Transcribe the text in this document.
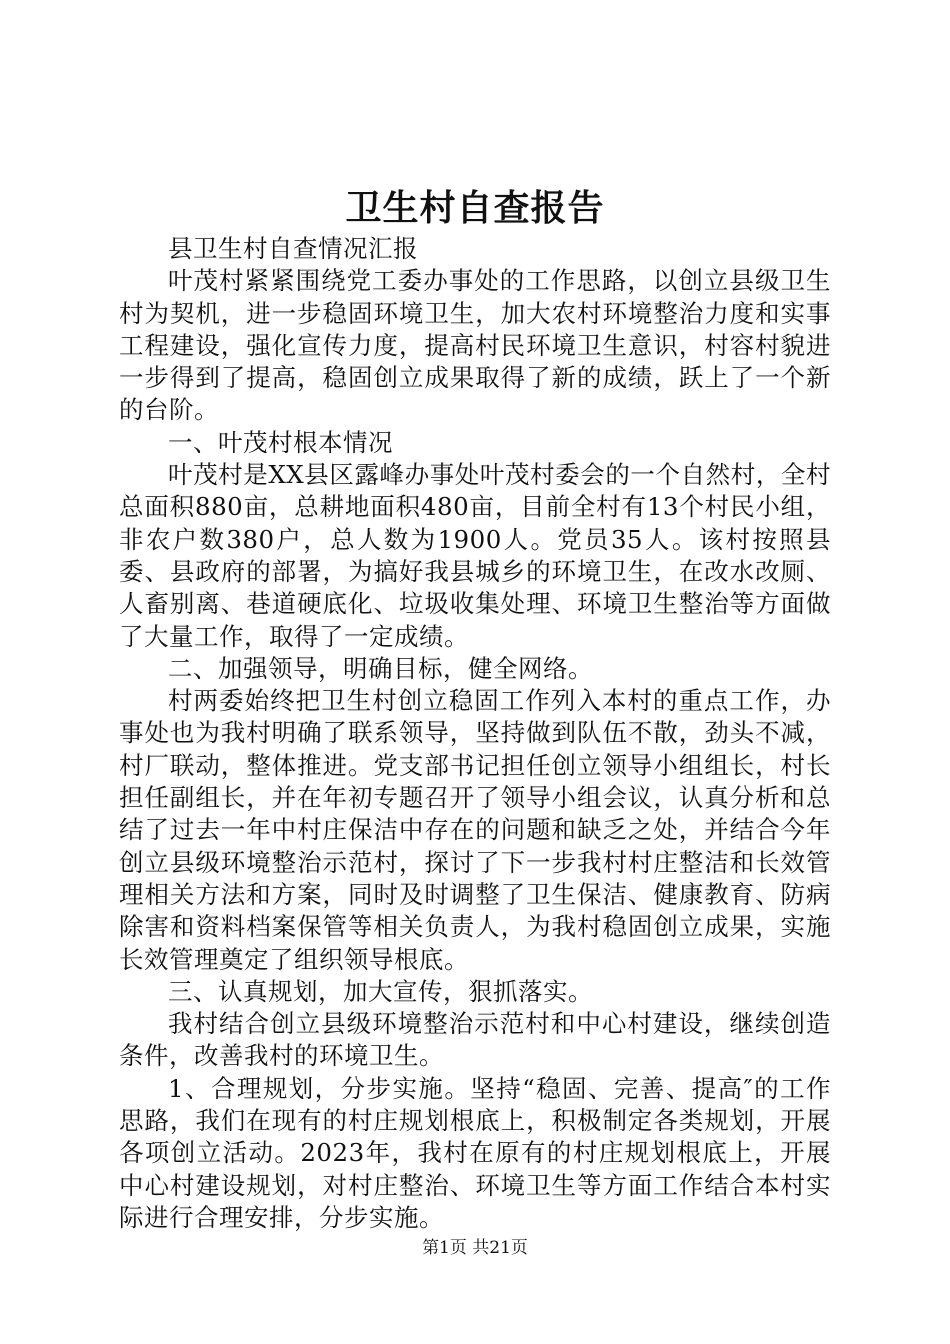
卫生村自查报告

县卫生村自查情况汇报

叶茂村紧紧围绕党工委办事处的工作思路，以创立县级卫生村为契机，进一步稳固环境卫生，加大农村环境整治力度和实事工程建设，强化宣传力度，提高村民环境卫生意识，村容村貌进一步得到了提高，稳固创立成果取得了新的成绩，跃上了一个新的台阶。

一、叶茂村根本情况

叶茂村是XX县区露峰办事处叶茂村委会的一个自然村，全村总面积880亩，总耕地面积480亩，目前全村有13个村民小组，非农户数380户，总人数为1900人。党员35人。该村按照县委、县政府的部署，为搞好我县城乡的环境卫生，在改水改厕、人畜别离、巷道硬底化、垃圾收集处理、环境卫生整治等方面做了大量工作，取得了一定成绩。

二、加强领导，明确目标，健全网络。

村两委始终把卫生村创立稳固工作列入本村的重点工作，办事处也为我村明确了联系领导，坚持做到队伍不散，劲头不减，村厂联动，整体推进。党支部书记担任创立领导小组组长，村长担任副组长，并在年初专题召开了领导小组会议，认真分析和总结了过去一年中村庄保洁中存在的问题和缺乏之处，并结合今年创立县级环境整治示范村，探讨了下一步我村村庄整洁和长效管理相关方法和方案，同时及时调整了卫生保洁、健康教育、防病除害和资料档案保管等相关负责人，为我村稳固创立成果，实施长效管理奠定了组织领导根底。

三、认真规划，加大宣传，狠抓落实。

我村结合创立县级环境整治示范村和中心村建设，继续创造条件，改善我村的环境卫生。

1、合理规划，分步实施。坚持“稳固、完善、提高″的工作思路，我们在现有的村庄规划根底上，积极制定各类规划，开展各项创立活动。2023年，我村在原有的村庄规划根底上，开展中心村建设规划，对村庄整治、环境卫生等方面工作结合本村实际进行合理安排，分步实施。

第1页 共21页
